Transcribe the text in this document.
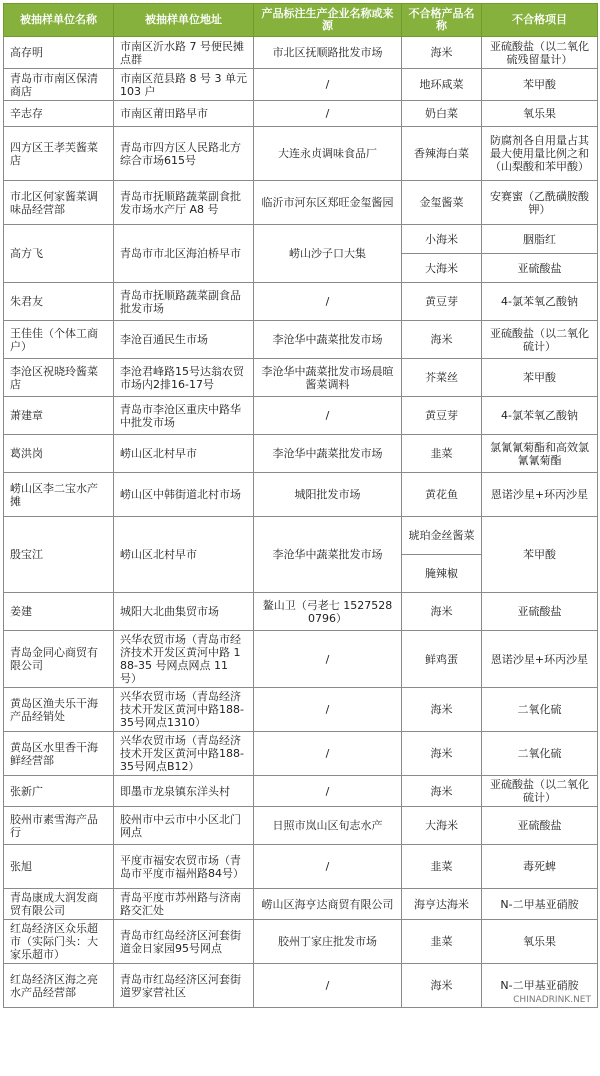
被抽样单位名称	被抽样单位地址	产品标注生产企业名称或来源	不合格产品名称	不合格项目
高存明	市南区沂水路 7 号便民摊点群	市北区抚顺路批发市场	海米	亚硫酸盐（以二氧化硫残留量计）
青岛市市南区保清商店	市南区范县路 8 号 3 单元 103 户	/	地环咸菜	苯甲酸
辛志存	市南区莆田路早市	/	奶白菜	氧乐果
四方区王孝芙酱菜店	青岛市四方区人民路北方综合市场615号	大连永贞调味食品厂	香辣海白菜	防腐剂各自用量占其最大使用量比例之和（山梨酸和苯甲酸）
市北区何家酱菜调味品经营部	青岛市抚顺路蔬菜副食批发市场水产厅 A8 号	临沂市河东区郑旺金玺酱园	金玺酱菜	安赛蜜（乙酰磺胺酸钾）
高方飞	青岛市市北区海泊桥早市	崂山沙子口大集	小海米	胭脂红
			大海米	亚硫酸盐
朱君友	青岛市抚顺路蔬菜副食品批发市场	/	黄豆芽	4-氯苯氧乙酸钠
王佳佳（个体工商户）	李沧百通民生市场	李沧华中蔬菜批发市场	海米	亚硫酸盐（以二氧化硫计）
李沧区祝晓玲酱菜店	李沧君峰路15号达翁农贸市场内2排16-17号	李沧华中蔬菜批发市场晨暄酱菜调料	芥菜丝	苯甲酸
萧建章	青岛市李沧区重庆中路华中批发市场	/	黄豆芽	4-氯苯氧乙酸钠
葛洪岗	崂山区北村早市	李沧华中蔬菜批发市场	韭菜	氯氰氰菊酯和高效氯氰氰菊酯
崂山区李二宝水产摊	崂山区中韩街道北村市场	城阳批发市场	黄花鱼	恩诺沙星+环丙沙星
殷宝江	崂山区北村早市	李沧华中蔬菜批发市场	琥珀金丝酱菜	苯甲酸
			腌辣椒	
姜建	城阳大北曲集贸市场	鳌山卫（弓老七 15275280796）	海米	亚硫酸盐
青岛金同心商贸有限公司	兴华农贸市场（青岛市经济技术开发区黄河中路 188-35 号网点网点 11 号）	/	鲜鸡蛋	恩诺沙星+环丙沙星
黄岛区渔夫乐干海产品经销处	兴华农贸市场（青岛经济技术开发区黄河中路188-35号网点1310）	/	海米	二氧化硫
黄岛区水里香干海鲜经营部	兴华农贸市场（青岛经济技术开发区黄河中路188-35号网点B12）	/	海米	二氧化硫
张新广	即墨市龙泉镇东洋头村	/	海米	亚硫酸盐（以二氧化硫计）
胶州市素雪海产品行	胶州市中云市中小区北门网点	日照市岚山区旬志水产	大海米	亚硫酸盐
张旭	平度市福安农贸市场（青岛市平度市福州路84号）	/	韭菜	毒死蜱
青岛康成大润发商贸有限公司	青岛平度市苏州路与济南路交汇处	崂山区海亨达商贸有限公司	海亨达海米	N-二甲基亚硝胺
红岛经济区众乐超市（实际门头：大家乐超市）	青岛市红岛经济区河套街道金日家园95号网点	胶州丁家庄批发市场	韭菜	氧乐果
红岛经济区海之亮水产品经营部	青岛市红岛经济区河套街道罗家营社区	/	海米	N-二甲基亚硝胺
CHINADRINK.NET
